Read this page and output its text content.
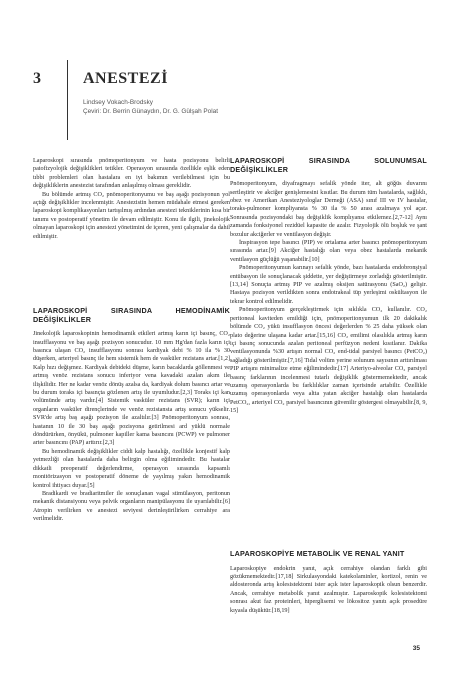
3	ANESTEZİ
Lindsey Vokach-Brodsky
Çeviri: Dr. Berrin Günaydın, Dr. G. Gülşah Polat

Laparoskopi sırasında pnömoperitonyum ve hasta pozisyonu belirli patofizyolojik değişiklikleri tetikler. Operasyon sırasında özellikle eşlik eden tıbbi problemleri olan hastalara en iyi bakımın verilebilmesi için bu değişikliklerin anestezist tarafından anlaşılmış olması gereklidir.

Bu bölümde artmış CO₂ pnömoperitonyumu ve baş aşağı pozisyonun yol açtığı değişiklikler incelenmiştir. Anestezistin hemen müdahale etmesi gereken laparoskopi komplikasyonları tartışılmış ardından anestezi tekniklerinin kısa bir tanımı ve postoperatif yönetim ile devam edilmiştir. Konu ile ilgili, jinekolojik olmayan laparoskopi için anestezi yönetimini de içeren, yeni çalışmalar da dahil edilmiştir.

LAPAROSKOPİ SIRASINDA HEMODİNAMİK DEĞİŞİKLİKLER

Jinekolojik laparoskopinin hemodinamik etkileri artmış karın içi basınç, CO₂ insufflasyonu ve baş aşağı pozisyon sonucudur. 10 mm Hg'dan fazla karın içi basınca ulaşan CO₂ insufflasyonu sonrası kardiyak debi % 10 ila % 30 düşerken, arteriyel basınç ile hem sistemik hem de vasküler rezistans artar.[1,2] Kalp hızı değişmez. Kardiyak debideki düşme, karın bacaklarda göllenmesi ve artmış venöz rezistans sonucu inferiyor vena kavadaki azalan akım ile ilişkilidir. Her ne kadar venöz dönüş azalsa da, kardiyak dolum basıncı artar ve bu durum toraks içi basınçta gözlenen artış ile uyumludur.[2,3] Toraks içi kan volümünde artış vardır.[4] Sistemik vasküler rezistans (SVR); karın içi organların vasküler dirençlerinde ve venöz rezistansta artış sonucu yükselir. SVR'de artış baş aşağı pozisyon ile azaltılır.[3] Pnömoperitonyum sonrası, hastanın 10 ile 30 baş aşağı pozisyona getirilmesi ard yüklü normale döndürürken, önyükü, pulmoner kapiller kama basıncını (PCWP) ve pulmoner arter basıncını (PAP) arttırır.[2,3]

Bu hemodinamik değişiklikler ciddi kalp hastalığı, özellikle konjestif kalp yetmezliği olan hastalarda daha belirgin olma eğilimindedir. Bu hastalar dikkatli preoperatif değerlendirme, operasyon sırasında kapsamlı monitörizasyon ve postoperatif döneme de yayılmış yakın hemodinamik kontrol ihtiyacı duyar.[5]

Bradikardi ve bradiaritmiler ile sonuçlanan vagal stimülasyon, peritonun mekanik distansiyonu veya pelvik organların manipülasyonu ile uyarılabilir.[6] Atropin verilirken ve anestezi seviyesi derinleştirilirken cerrahiye ara verilmelidir.

LAPAROSKOPİ SIRASINDA SOLUNUMSAL DEĞİŞİKLİKLER

Pnömoperitonyum, diyafragmayı sefalik yönde iter, alt göğüs duvarını sertleştirir ve akciğer genişlemesini kısıtlar. Bu durum tüm hastalarda, sağlıklı, obez ve Amerikan Anesteziyologlar Derneği (ASA) sınıf III ve IV hastalar, toraks-pulmoner kompliyansta % 30 ila % 50 arası azalmaya yol açar. Sonrasında pozisyondaki baş değişiklik komplıyansı etkilemez.[2,7-12] Aynı zamanda fonksiyonel rezidüel kapasite de azalır. Fizyolojik ölü boşluk ve şant bozulur akciğerler ve ventilasyon değişir.

İnspirasyon tepe basıncı (PIP) ve ortalama arter basıncı pnömoperitonyum sırasında artar.[9] Akciğer hastalığı olan veya obez hastalarda mekanik ventilasyon güçlüğü yaşanabilir.[10]

Pnömoperitonyumun karınayı sefalik yönde, bazı hastalarda endobronşiyal entübasyon ile sonuçlanacak şiddette, yer değiştirmeye zorladığı gösterilmiştir.[13,14] Sonuçta artmış PIP ve azalmış oksijen satürasyonu (SaO₂) gelişir. Hastaya pozisyon verildikten sonra endotrakeal tüp yerleşimi oskültasyon ile tekrar kontrol edilmelidir.

Pnömoperitonyum gerçekleştirmek için sıklıkla CO₂ kullanılır. CO₂ peritoneal kaviteden emildiği için, pnömoperitonyumun ilk 20 dakikalık bölümde CO₂ yükü insufflasyon öncesi değerlerden % 25 daha yüksek olan plato değerine ulaşana kadar artar.[15,16] CO₂ emilimi olasılıkla artmış karın içi basınç sonucunda azalan peritoneal perfüzyon nedeni kısıtlanır. Dakika ventilasyonunda %30 artışın normal CO₂ end-tidal parsiyel basıncı (PetCO₂) sağladığı gösterilmiştir.[7,16] Tidal volüm yerine solunum sayısının arttırılması PIP artışını minimalize etme eğilimindedir.[17] Arteriyo-alveolar CO₂ parsiyel basınç farklarının incelenmesi tutarlı değişiklik göstermemektedir, ancak uzamış operasyonlarda bu farklılıklar zaman içerisinde artabilir. Özellikle uzamış operasyonlarda veya altta yatan akciğer hastalığı olan hastalarda PetCO₂, arteriyel CO₂ parsiyel basıncının güvenilir göstergesi olmayabilir.[8, 9, 15]

LAPAROSKOPİYE METABOLİK VE RENAL YANIT

Laparoskopiye endokrin yanıt, açık cerrahiye olandan farklı gibi gözükmemektedir.[17,18] Sirkulasyondaki katekolaminler, kortizol, renin ve aldosteronda artış kolesistektomi ister açık ister laparoskopik olsun benzerdir. Ancak, cerrahiye metabolik yanıt azalmıştır. Laparoskopik kolesistektomi sonrası akut faz proteinleri, hiperglisemi ve lökositoz yanıtı açık prosedüre kıyasla düşüktür.[18,19]

35
